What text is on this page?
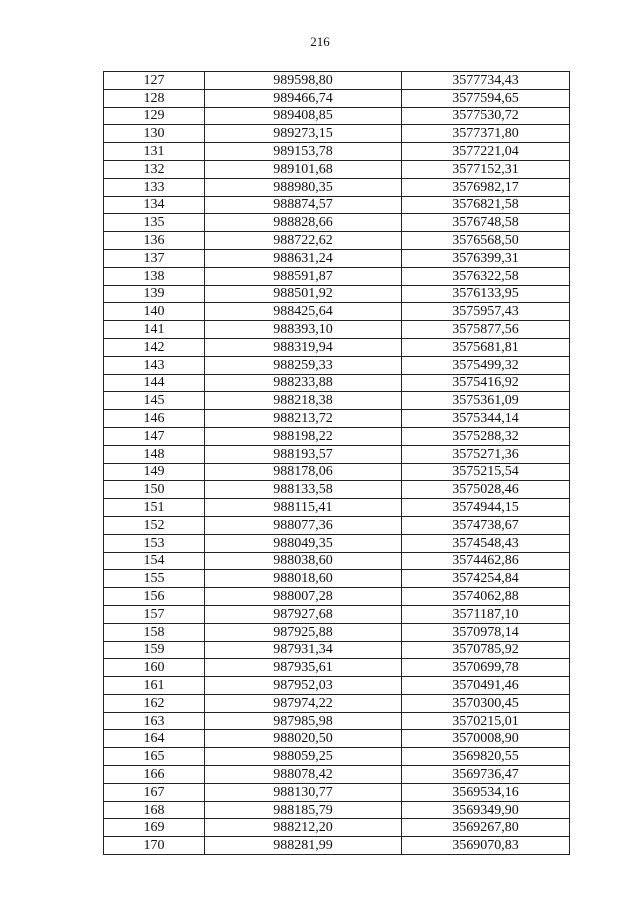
216
127	989598,80	3577734,43
128	989466,74	3577594,65
129	989408,85	3577530,72
130	989273,15	3577371,80
131	989153,78	3577221,04
132	989101,68	3577152,31
133	988980,35	3576982,17
134	988874,57	3576821,58
135	988828,66	3576748,58
136	988722,62	3576568,50
137	988631,24	3576399,31
138	988591,87	3576322,58
139	988501,92	3576133,95
140	988425,64	3575957,43
141	988393,10	3575877,56
142	988319,94	3575681,81
143	988259,33	3575499,32
144	988233,88	3575416,92
145	988218,38	3575361,09
146	988213,72	3575344,14
147	988198,22	3575288,32
148	988193,57	3575271,36
149	988178,06	3575215,54
150	988133,58	3575028,46
151	988115,41	3574944,15
152	988077,36	3574738,67
153	988049,35	3574548,43
154	988038,60	3574462,86
155	988018,60	3574254,84
156	988007,28	3574062,88
157	987927,68	3571187,10
158	987925,88	3570978,14
159	987931,34	3570785,92
160	987935,61	3570699,78
161	987952,03	3570491,46
162	987974,22	3570300,45
163	987985,98	3570215,01
164	988020,50	3570008,90
165	988059,25	3569820,55
166	988078,42	3569736,47
167	988130,77	3569534,16
168	988185,79	3569349,90
169	988212,20	3569267,80
170	988281,99	3569070,83
